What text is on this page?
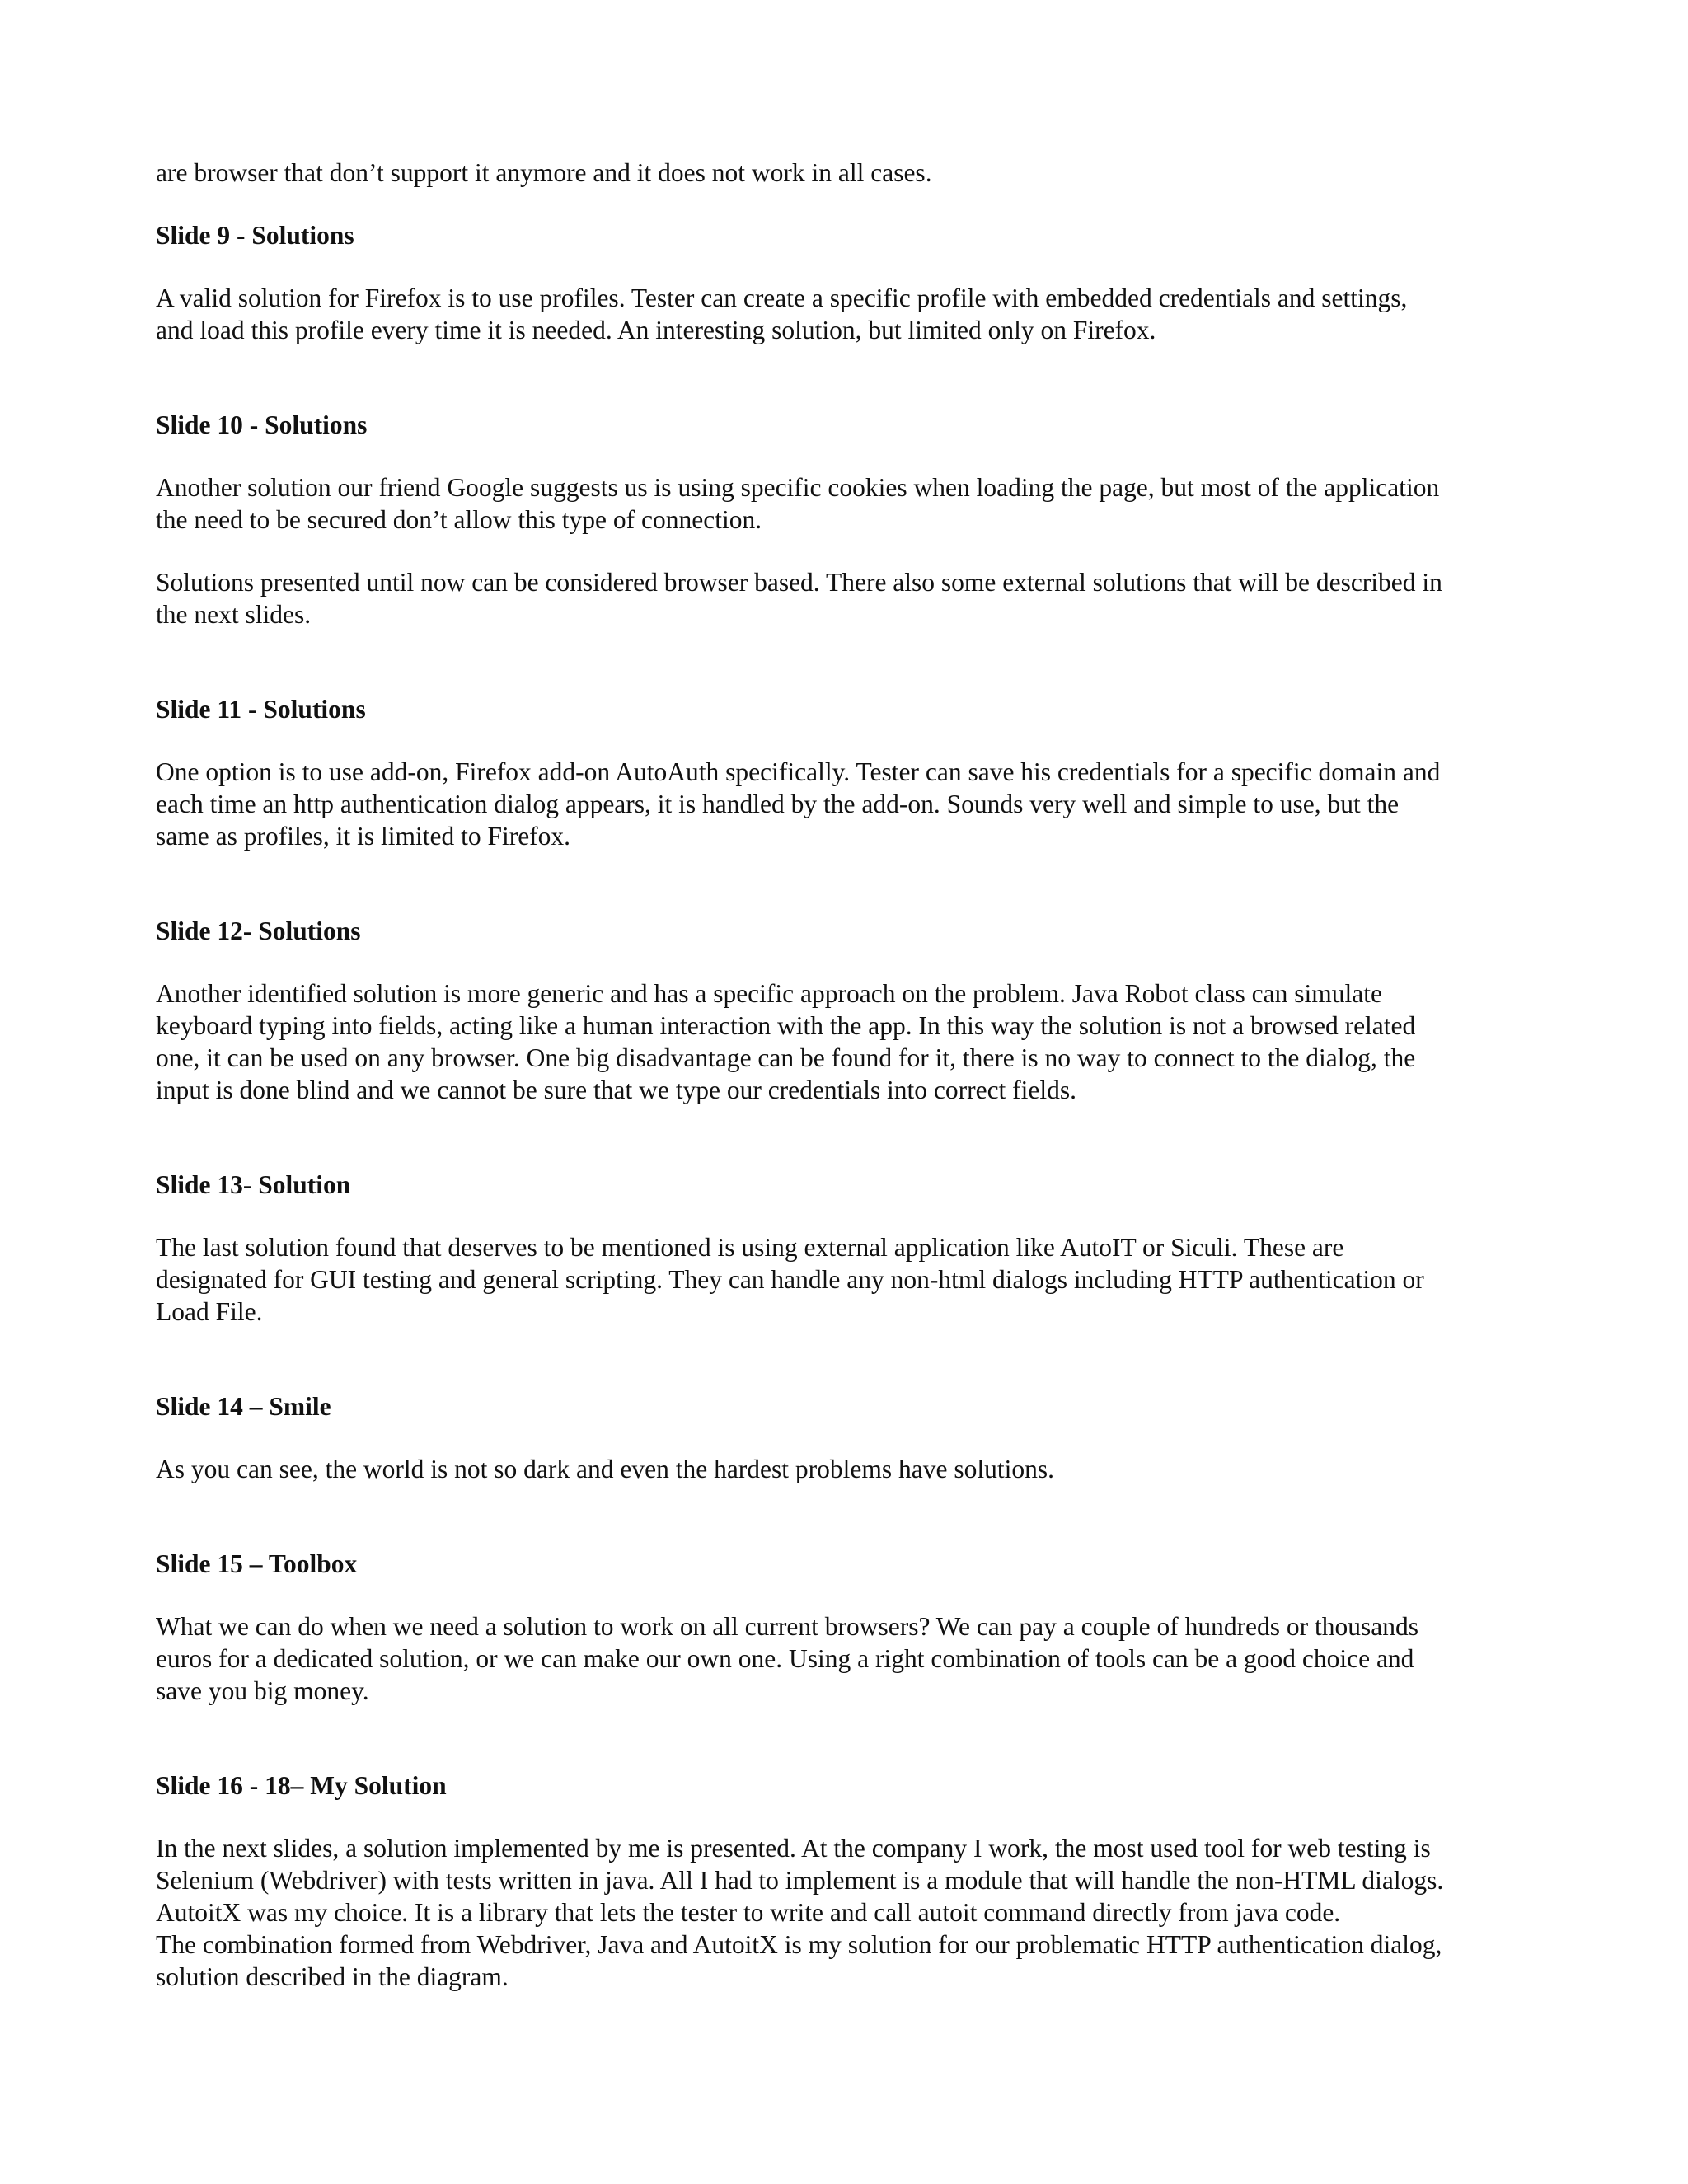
are browser that don’t support it anymore and it does not work in all cases.

Slide 9 - Solutions

A valid solution for Firefox is to use profiles. Tester can create a specific profile with embedded credentials and settings,
and load this profile every time it is needed. An interesting solution, but limited only on Firefox.

Slide 10 - Solutions

Another solution our friend Google suggests us is using specific cookies when loading the page, but most of the application
the need to be secured don’t allow this type of connection.

Solutions presented until now can be considered browser based. There also some external solutions that will be described in
the next slides.

Slide 11 - Solutions

One option is to use add-on, Firefox add-on AutoAuth specifically. Tester can save his credentials for a specific domain and
each time an http authentication dialog appears, it is handled by the add-on. Sounds very well and simple to use, but the
same as profiles, it is limited to Firefox.

Slide 12- Solutions

Another identified solution is more generic and has a specific approach on the problem. Java Robot class can simulate
keyboard typing into fields, acting like a human interaction with the app. In this way the solution is not a browsed related
one, it can be used on any browser. One big disadvantage can be found for it, there is no way to connect to the dialog, the
input is done blind and we cannot be sure that we type our credentials into correct fields.

Slide 13- Solution

The last solution found that deserves to be mentioned is using external application like AutoIT or Siculi. These are
designated for GUI testing and general scripting. They can handle any non-html dialogs including HTTP authentication or
Load File.

Slide 14 – Smile

As you can see, the world is not so dark and even the hardest problems have solutions.

Slide 15 – Toolbox

What we can do when we need a solution to work on all current browsers? We can pay a couple of hundreds or thousands
euros for a dedicated solution, or we can make our own one. Using a right combination of tools can be a good choice and
save you big money.

Slide 16 - 18– My Solution

In the next slides, a solution implemented by me is presented. At the company I work, the most used tool for web testing is
Selenium (Webdriver) with tests written in java. All I had to implement is a module that will handle the non-HTML dialogs.
AutoitX was my choice. It is a library that lets the tester to write and call autoit command directly from java code.
The combination formed from Webdriver, Java and AutoitX is my solution for our problematic HTTP authentication dialog,
solution described in the diagram.
